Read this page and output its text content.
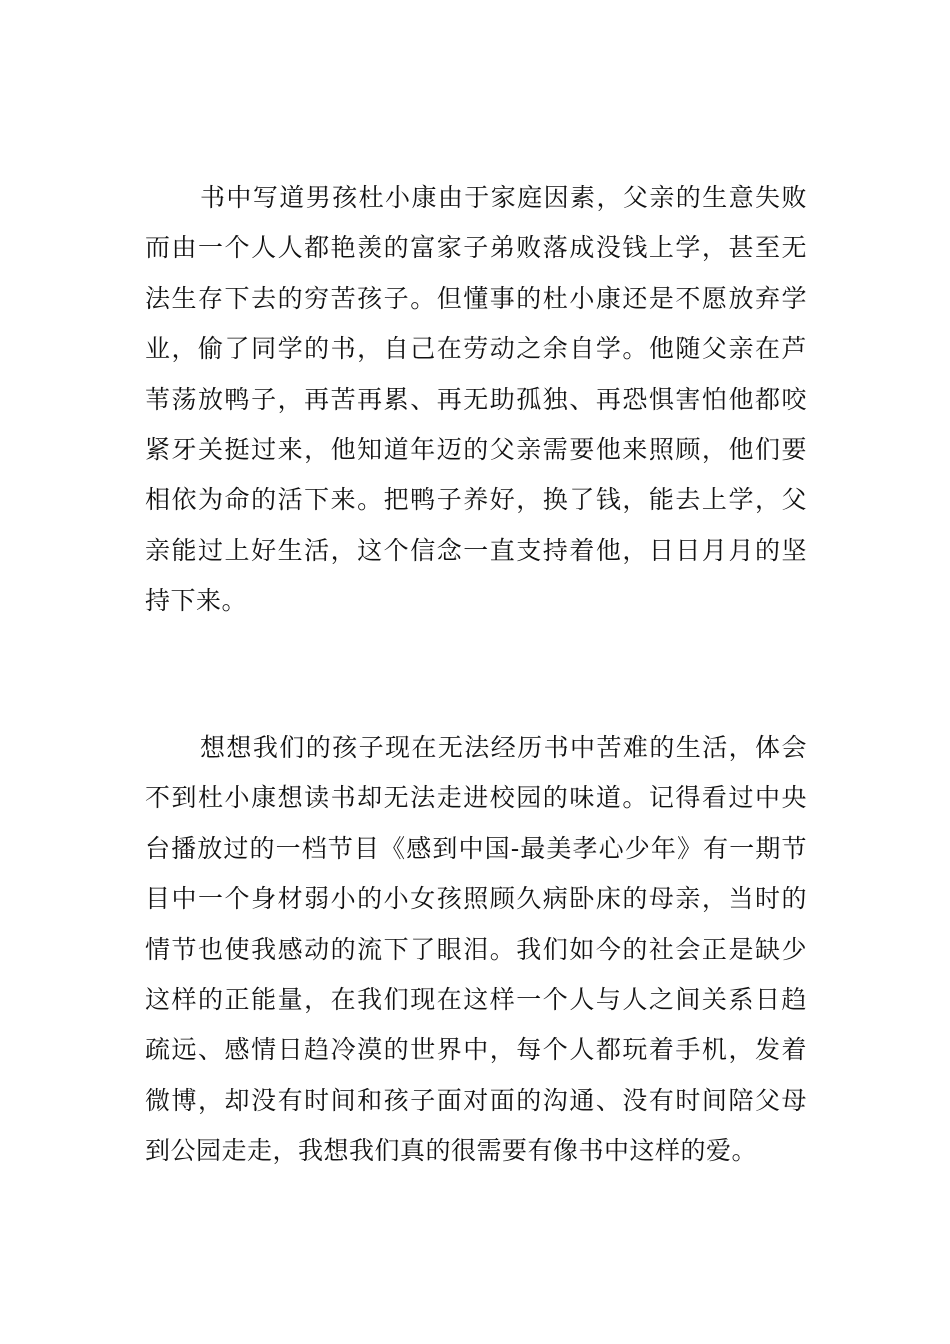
书中写道男孩杜小康由于家庭因素，父亲的生意失败而由一个人人都艳羡的富家子弟败落成没钱上学，甚至无法生存下去的穷苦孩子。但懂事的杜小康还是不愿放弃学业，偷了同学的书，自己在劳动之余自学。他随父亲在芦苇荡放鸭子，再苦再累、再无助孤独、再恐惧害怕他都咬紧牙关挺过来，他知道年迈的父亲需要他来照顾，他们要相依为命的活下来。把鸭子养好，换了钱，能去上学，父亲能过上好生活，这个信念一直支持着他，日日月月的坚持下来。

想想我们的孩子现在无法经历书中苦难的生活，体会不到杜小康想读书却无法走进校园的味道。记得看过中央台播放过的一档节目《感到中国-最美孝心少年》有一期节目中一个身材弱小的小女孩照顾久病卧床的母亲，当时的情节也使我感动的流下了眼泪。我们如今的社会正是缺少这样的正能量，在我们现在这样一个人与人之间关系日趋疏远、感情日趋冷漠的世界中，每个人都玩着手机，发着微博，却没有时间和孩子面对面的沟通、没有时间陪父母到公园走走，我想我们真的很需要有像书中这样的爱。
